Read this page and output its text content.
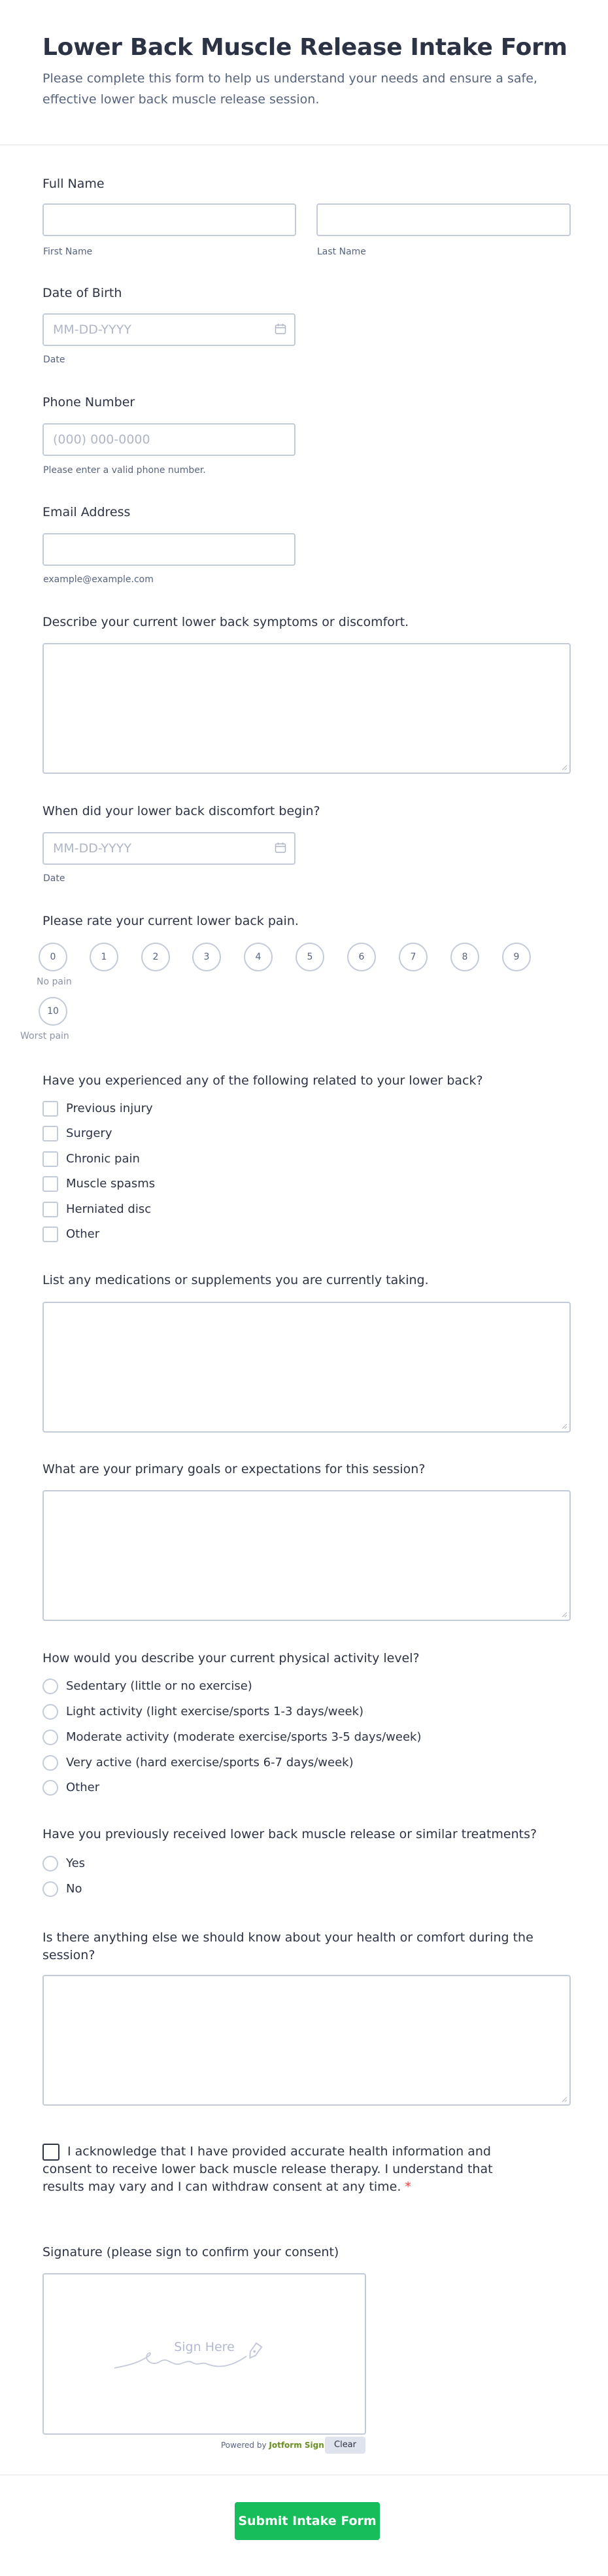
Lower Back Muscle Release Intake Form
Please complete this form to help us understand your needs and ensure a safe, effective lower back muscle release session.
Full Name
First Name	Last Name
Date of Birth
MM-DD-YYYY
Date
Phone Number
(000) 000-0000
Please enter a valid phone number.
Email Address
example@example.com
Describe your current lower back symptoms or discomfort.
When did your lower back discomfort begin?
MM-DD-YYYY
Date
Please rate your current lower back pain.
0	1	2	3	4	5	6	7	8	9
No pain
10
Worst pain
Have you experienced any of the following related to your lower back?
Previous injury
Surgery
Chronic pain
Muscle spasms
Herniated disc
Other
List any medications or supplements you are currently taking.
What are your primary goals or expectations for this session?
How would you describe your current physical activity level?
Sedentary (little or no exercise)
Light activity (light exercise/sports 1-3 days/week)
Moderate activity (moderate exercise/sports 3-5 days/week)
Very active (hard exercise/sports 6-7 days/week)
Other
Have you previously received lower back muscle release or similar treatments?
Yes
No
Is there anything else we should know about your health or comfort during the session?
I acknowledge that I have provided accurate health information and consent to receive lower back muscle release therapy. I understand that results may vary and I can withdraw consent at any time. *
Signature (please sign to confirm your consent)
Sign Here
Powered by Jotform Sign	Clear
Submit Intake Form
